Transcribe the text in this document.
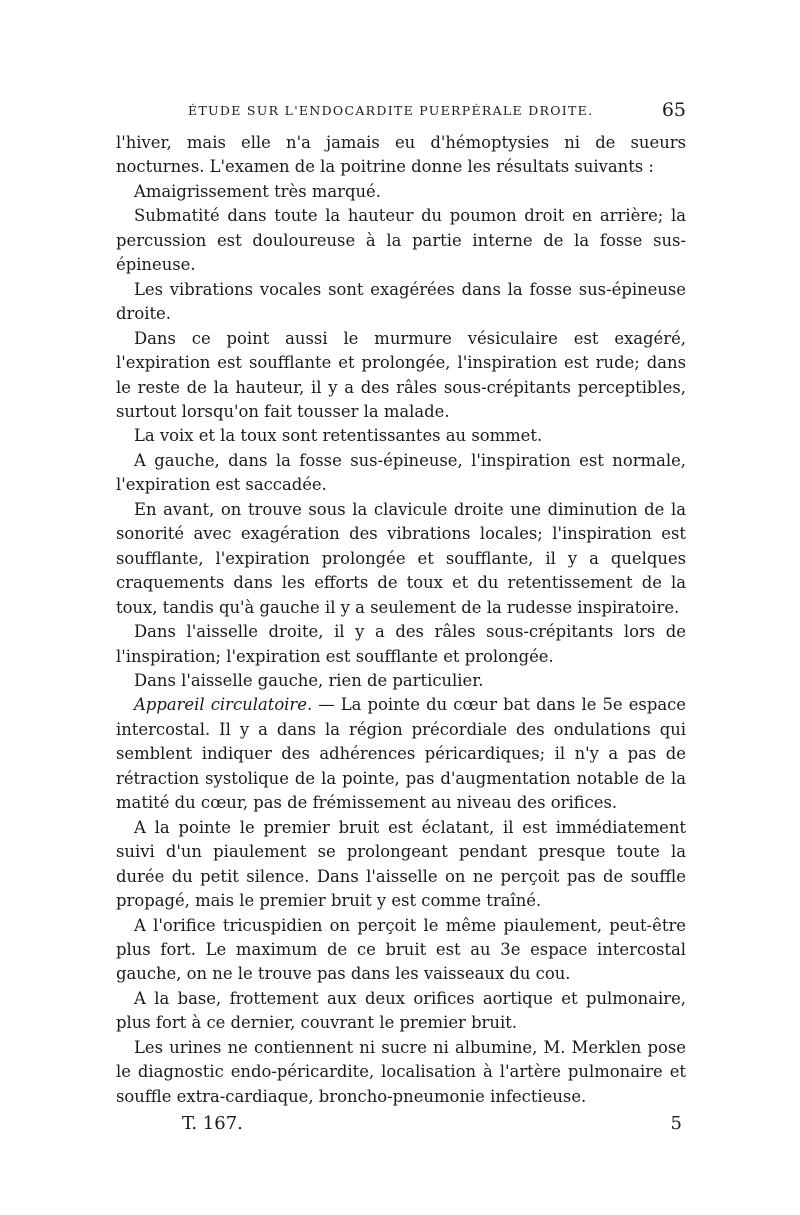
ÉTUDE SUR L'ENDOCARDITE PUERPÉRALE DROITE.	65

l'hiver, mais elle n'a jamais eu d'hémoptysies ni de sueurs nocturnes. L'examen de la poitrine donne les résultats suivants :

Amaigrissement très marqué.

Submatité dans toute la hauteur du poumon droit en arrière; la percussion est douloureuse à la partie interne de la fosse sus-épineuse.

Les vibrations vocales sont exagérées dans la fosse sus-épineuse droite.

Dans ce point aussi le murmure vésiculaire est exagéré, l'expiration est soufflante et prolongée, l'inspiration est rude; dans le reste de la hauteur, il y a des râles sous-crépitants perceptibles, surtout lorsqu'on fait tousser la malade.

La voix et la toux sont retentissantes au sommet.

A gauche, dans la fosse sus-épineuse, l'inspiration est normale, l'expiration est saccadée.

En avant, on trouve sous la clavicule droite une diminution de la sonorité avec exagération des vibrations locales; l'inspiration est soufflante, l'expiration prolongée et soufflante, il y a quelques craquements dans les efforts de toux et du retentissement de la toux, tandis qu'à gauche il y a seulement de la rudesse inspiratoire.

Dans l'aisselle droite, il y a des râles sous-crépitants lors de l'inspiration; l'expiration est soufflante et prolongée.

Dans l'aisselle gauche, rien de particulier.

Appareil circulatoire. — La pointe du cœur bat dans le 5e espace intercostal. Il y a dans la région précordiale des ondulations qui semblent indiquer des adhérences péricardiques; il n'y a pas de rétraction systolique de la pointe, pas d'augmentation notable de la matité du cœur, pas de frémissement au niveau des orifices.

A la pointe le premier bruit est éclatant, il est immédiatement suivi d'un piaulement se prolongeant pendant presque toute la durée du petit silence. Dans l'aisselle on ne perçoit pas de souffle propagé, mais le premier bruit y est comme traîné.

A l'orifice tricuspidien on perçoit le même piaulement, peut-être plus fort. Le maximum de ce bruit est au 3e espace intercostal gauche, on ne le trouve pas dans les vaisseaux du cou.

A la base, frottement aux deux orifices aortique et pulmonaire, plus fort à ce dernier, couvrant le premier bruit.

Les urines ne contiennent ni sucre ni albumine, M. Merklen pose le diagnostic endo-péricardite, localisation à l'artère pulmonaire et souffle extra-cardiaque, broncho-pneumonie infectieuse.

T. 167.	5
